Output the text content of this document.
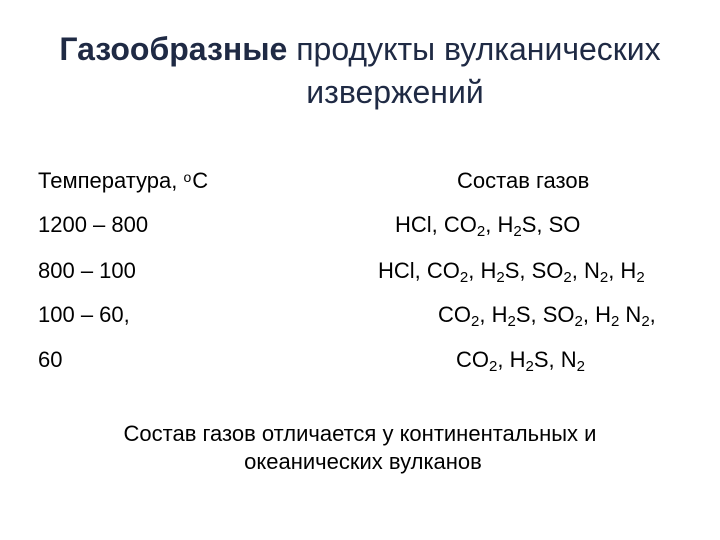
Газообразные продукты вулканических
извержений
Температура, $^о$С	Состав газов
1200 – 800	HCl, $CO_2$, $H_2S$, SO
800 – 100	HCl, $CO_2$, $H_2S$, $SO_2$, $N_2$, $H_2$
100 – 60,	$CO_2$, $H_2S$, $SO_2$, $H_2$ $N_2$,
60	$CO_2$, $H_2S$, $N_2$
Состав газов отличается у континентальных и
океанических вулканов
